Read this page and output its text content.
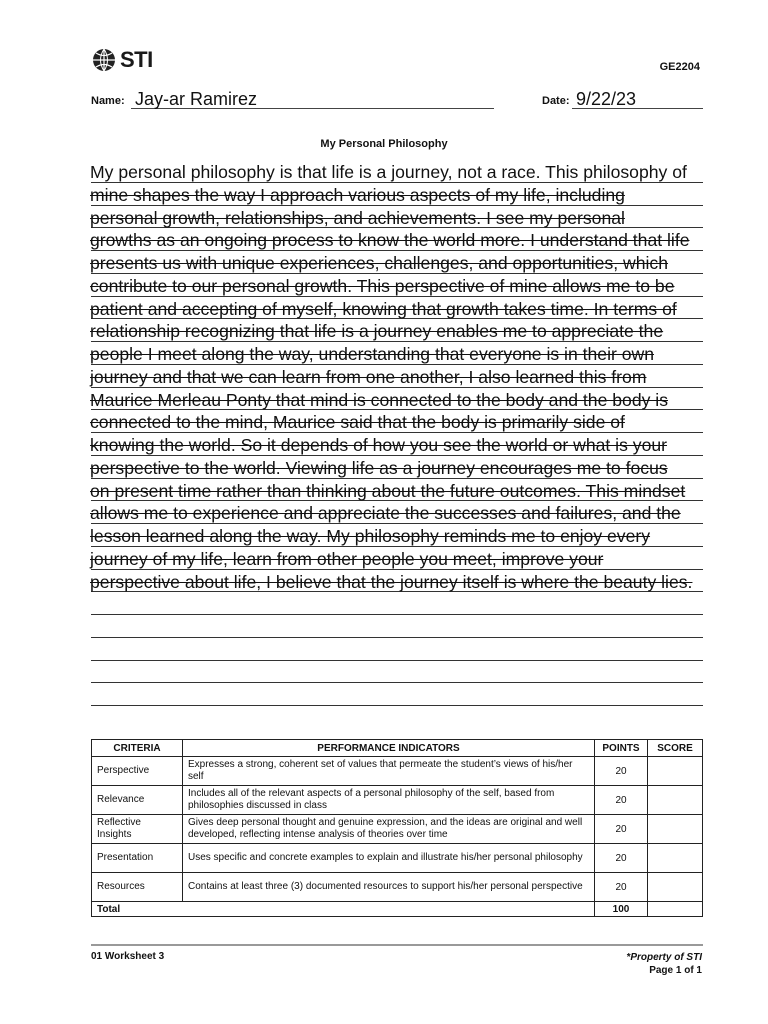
STI	GE2204
Name: Jay-ar Ramirez	Date: 9/22/23
My Personal Philosophy
My personal philosophy is that life is a journey, not a race. This philosophy of
mine shapes the way I approach various aspects of my life, including
personal growth, relationships, and achievements. I see my personal
growths as an ongoing process to know the world more. I understand that life
presents us with unique experiences, challenges, and opportunities, which
contribute to our personal growth. This perspective of mine allows me to be
patient and accepting of myself, knowing that growth takes time. In terms of
relationship recognizing that life is a journey enables me to appreciate the
people I meet along the way, understanding that everyone is in their own
journey and that we can learn from one another, I also learned this from
Maurice Merleau Ponty that mind is connected to the body and the body is
connected to the mind, Maurice said that the body is primarily side of
knowing the world. So it depends of how you see the world or what is your
perspective to the world. Viewing life as a journey encourages me to focus
on present time rather than thinking about the future outcomes. This mindset
allows me to experience and appreciate the successes and failures, and the
lesson learned along the way. My philosophy reminds me to enjoy every
journey of my life, learn from other people you meet, improve your
perspective about life, I believe that the journey itself is where the beauty lies.
CRITERIA	PERFORMANCE INDICATORS	POINTS	SCORE
Perspective	Expresses a strong, coherent set of values that permeate the student’s views of his/her self	20	
Relevance	Includes all of the relevant aspects of a personal philosophy of the self, based from philosophies discussed in class	20	
Reflective Insights	Gives deep personal thought and genuine expression, and the ideas are original and well developed, reflecting intense analysis of theories over time	20	
Presentation	Uses specific and concrete examples to explain and illustrate his/her personal philosophy	20	
Resources	Contains at least three (3) documented resources to support his/her personal perspective	20	
Total		100	
01 Worksheet 3	*Property of STI
Page 1 of 1
